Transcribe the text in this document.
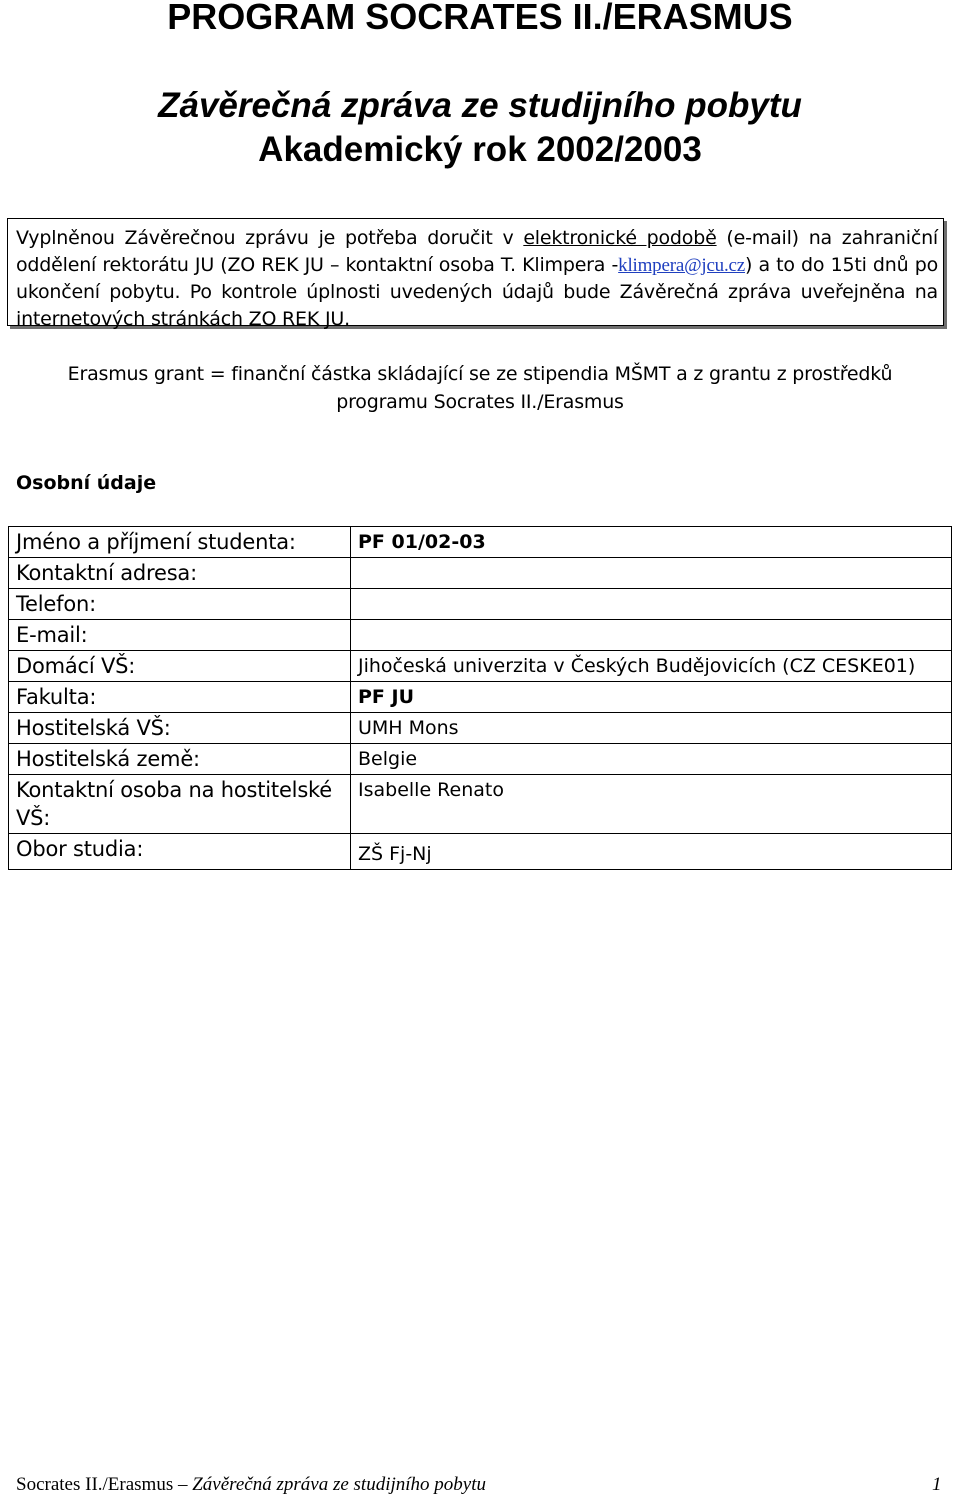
PROGRAM SOCRATES II./ERASMUS
Závěrečná zpráva ze studijního pobytu
Akademický rok 2002/2003
Vyplněnou Závěrečnou zprávu je potřeba doručit v elektronické podobě (e-mail) na zahraniční oddělení rektorátu JU (ZO REK JU – kontaktní osoba T. Klimpera -klimpera@jcu.cz) a to do 15ti dnů po ukončení pobytu. Po kontrole úplnosti uvedených údajů bude Závěrečná zpráva uveřejněna na internetových stránkách ZO REK JU.
Erasmus grant = finanční částka skládající se ze stipendia MŠMT a z grantu z prostředků programu Socrates II./Erasmus
Osobní údaje
Jméno a příjmení studenta:	PF 01/02-03
Kontaktní adresa:	
Telefon:	
E-mail:	
Domácí VŠ:	Jihočeská univerzita v Českých Budějovicích (CZ CESKE01)
Fakulta:	PF JU
Hostitelská VŠ:	UMH Mons
Hostitelská země:	Belgie
Kontaktní osoba na hostitelské VŠ:	Isabelle Renato
Obor studia:	ZŠ Fj-Nj
Socrates II./Erasmus – Závěrečná zpráva ze studijního pobytu	1
